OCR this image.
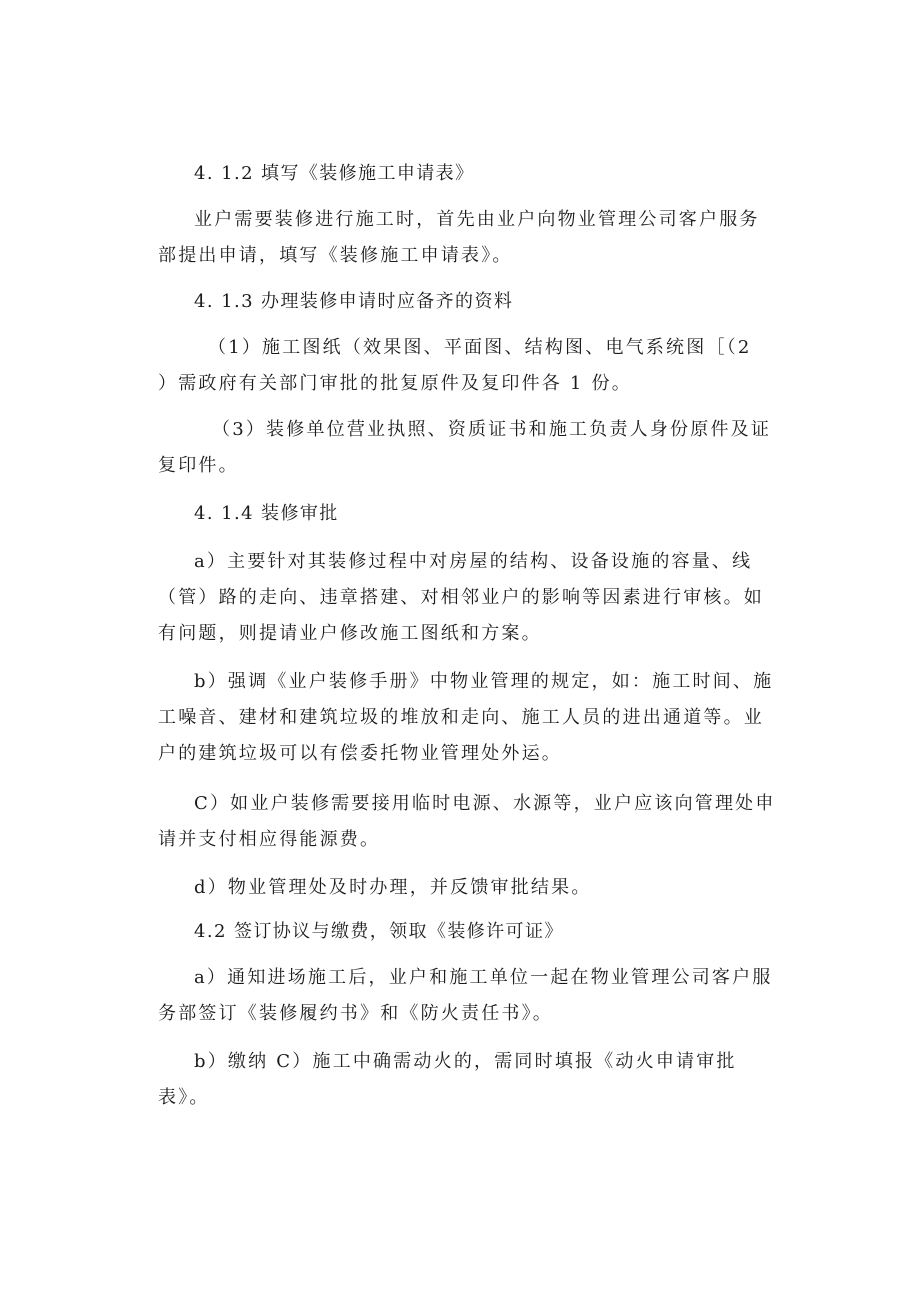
4. 1.2 填写《装修施工申请表》
业户需要装修进行施工时，首先由业户向物业管理公司客户服务
部提出申请，填写《装修施工申请表》。
4. 1.3 办理装修申请时应备齐的资料
（1）施工图纸（效果图、平面图、结构图、电气系统图［（2
）需政府有关部门审批的批复原件及复印件各 1 份。
（3）装修单位营业执照、资质证书和施工负责人身份原件及证
复印件。
4. 1.4 装修审批
a）主要针对其装修过程中对房屋的结构、设备设施的容量、线
（管）路的走向、违章搭建、对相邻业户的影响等因素进行审核。如
有问题，则提请业户修改施工图纸和方案。
b）强调《业户装修手册》中物业管理的规定，如：施工时间、施
工噪音、建材和建筑垃圾的堆放和走向、施工人员的进出通道等。业
户的建筑垃圾可以有偿委托物业管理处外运。
C）如业户装修需要接用临时电源、水源等，业户应该向管理处申
请并支付相应得能源费。
d）物业管理处及时办理，并反馈审批结果。
4.2 签订协议与缴费，领取《装修许可证》
a）通知进场施工后，业户和施工单位一起在物业管理公司客户服
务部签订《装修履约书》和《防火责任书》。
b）缴纳 C）施工中确需动火的，需同时填报《动火申请审批
表》。
